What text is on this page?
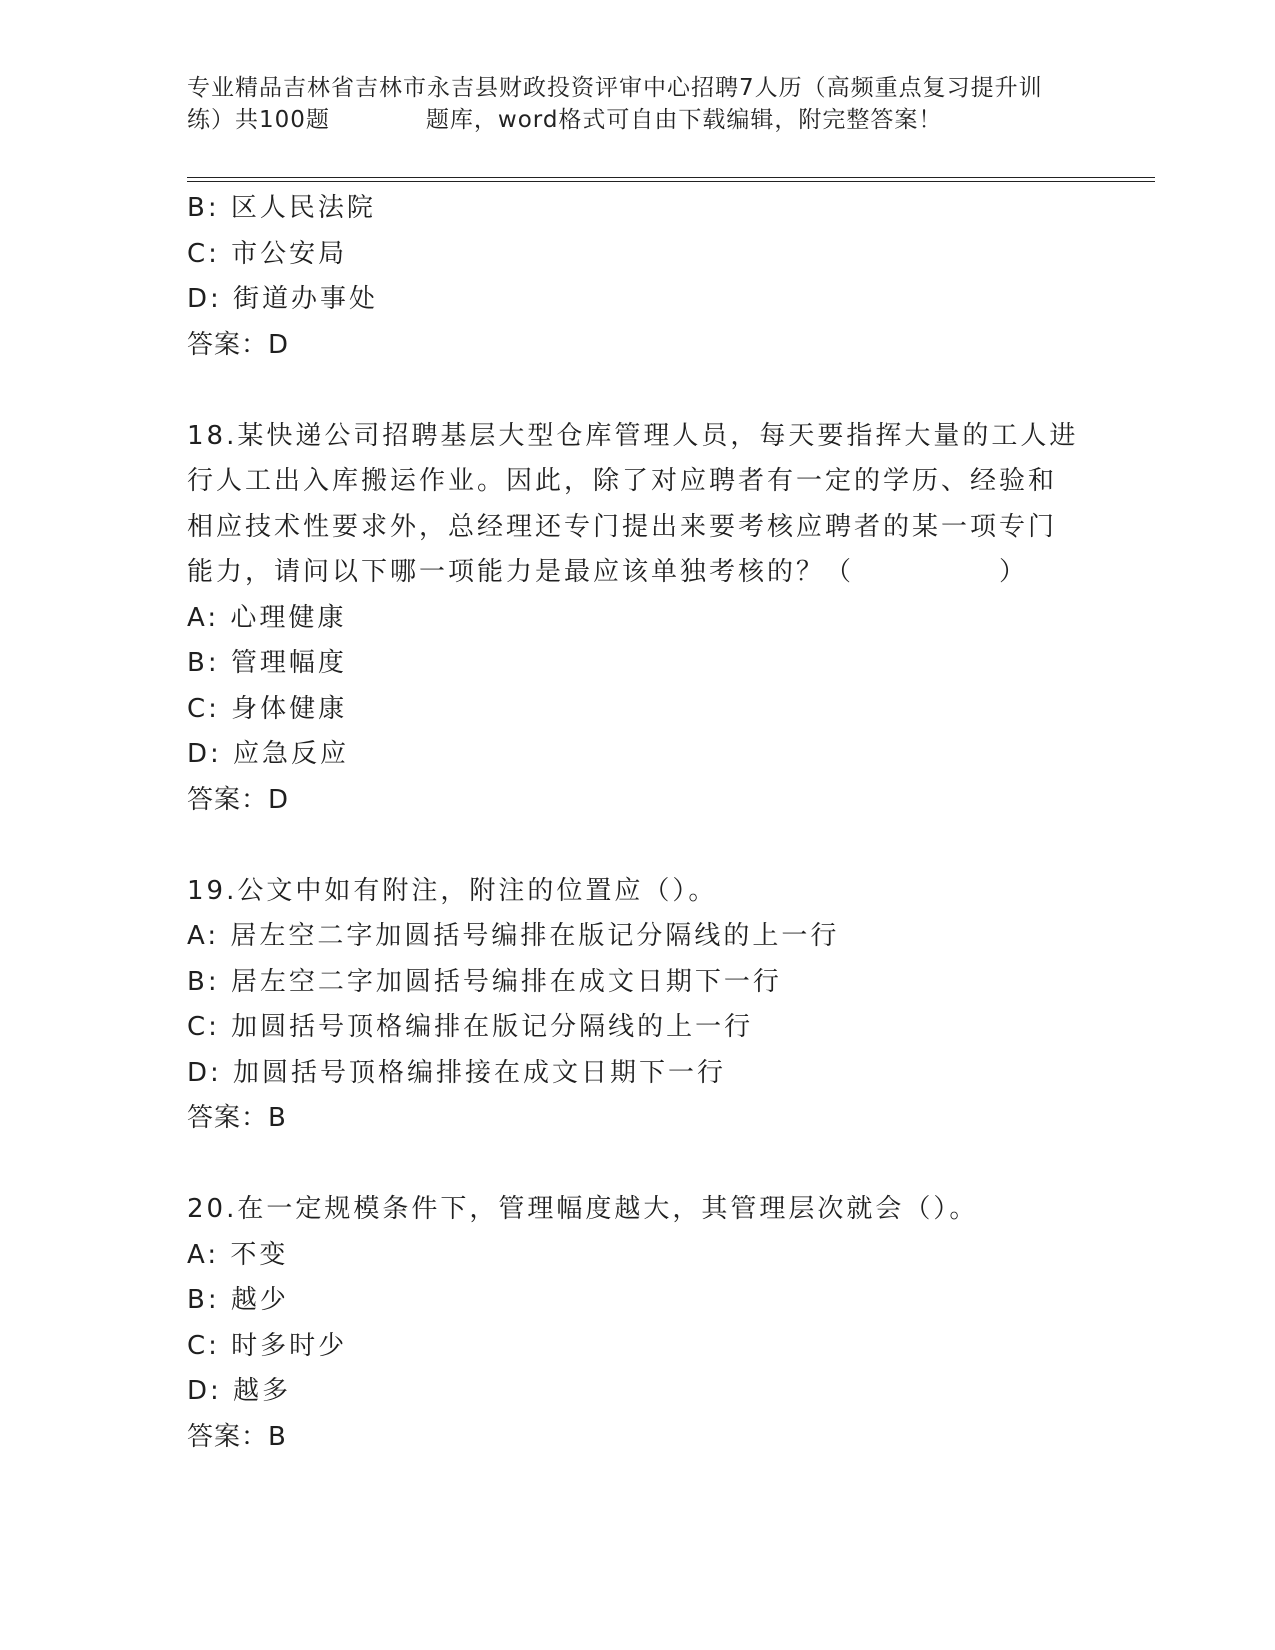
专业精品吉林省吉林市永吉县财政投资评审中心招聘7人历（高频重点复习提升训
练）共100题　　　　题库，word格式可自由下载编辑，附完整答案！
B: 区人民法院
C: 市公安局
D: 街道办事处
答案：D
18.某快递公司招聘基层大型仓库管理人员，每天要指挥大量的工人进
行人工出入库搬运作业。因此，除了对应聘者有一定的学历、经验和
相应技术性要求外，总经理还专门提出来要考核应聘者的某一项专门
能力，请问以下哪一项能力是最应该单独考核的？（　　　　　）
A: 心理健康
B: 管理幅度
C: 身体健康
D: 应急反应
答案：D
19.公文中如有附注，附注的位置应（）。
A: 居左空二字加圆括号编排在版记分隔线的上一行
B: 居左空二字加圆括号编排在成文日期下一行
C: 加圆括号顶格编排在版记分隔线的上一行
D: 加圆括号顶格编排接在成文日期下一行
答案：B
20.在一定规模条件下，管理幅度越大，其管理层次就会（）。
A: 不变
B: 越少
C: 时多时少
D: 越多
答案：B
